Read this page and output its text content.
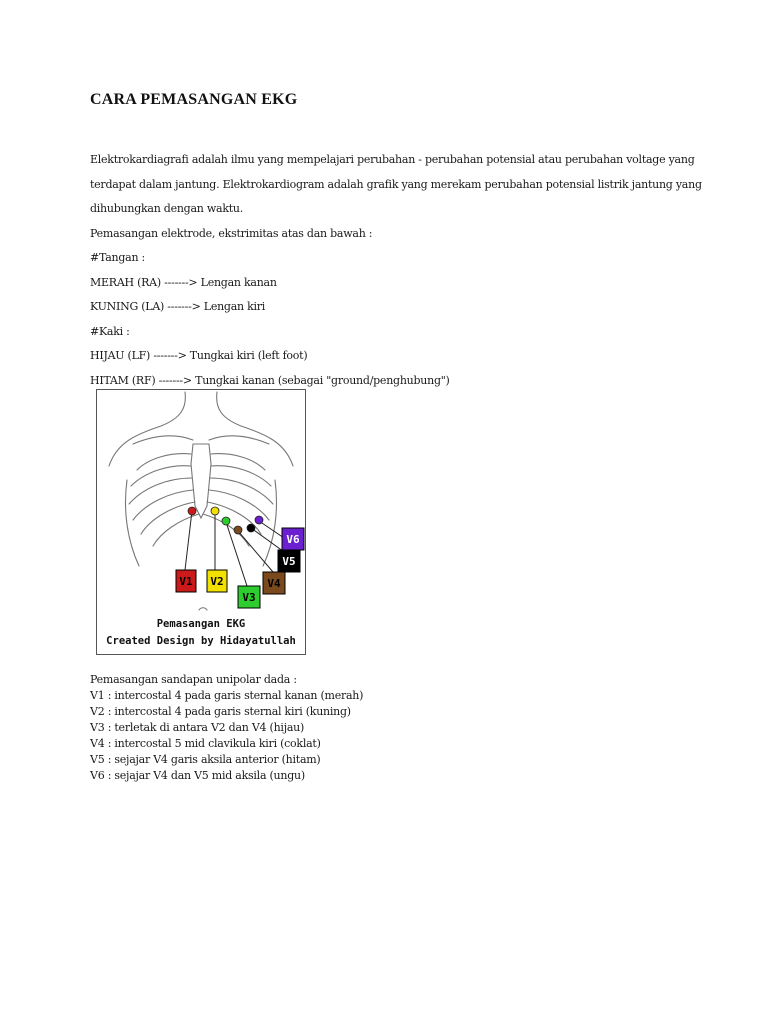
CARA PEMASANGAN EKG
Elektrokardiagrafi adalah ilmu yang mempelajari perubahan - perubahan potensial atau perubahan voltage yang
terdapat dalam jantung. Elektrokardiogram adalah grafik yang merekam perubahan potensial listrik jantung yang
dihubungkan dengan waktu.
Pemasangan elektrode, ekstrimitas atas dan bawah :
#Tangan :
MERAH (RA) -------> Lengan kanan
KUNING (LA) -------> Lengan kiri
#Kaki :
HIJAU (LF) -------> Tungkai kiri (left foot)
HITAM (RF) -------> Tungkai kanan (sebagai "ground/penghubung")
V1 V2
V3
V4
V5
V6
Pemasangan EKG
Created Design by Hidayatullah
Pemasangan sandapan unipolar dada :
V1 : intercostal 4 pada garis sternal kanan (merah)
V2 : intercostal 4 pada garis sternal kiri (kuning)
V3 : terletak di antara V2 dan V4 (hijau)
V4 : intercostal 5 mid clavikula kiri (coklat)
V5 : sejajar V4 garis aksila anterior (hitam)
V6 : sejajar V4 dan V5 mid aksila (ungu)
